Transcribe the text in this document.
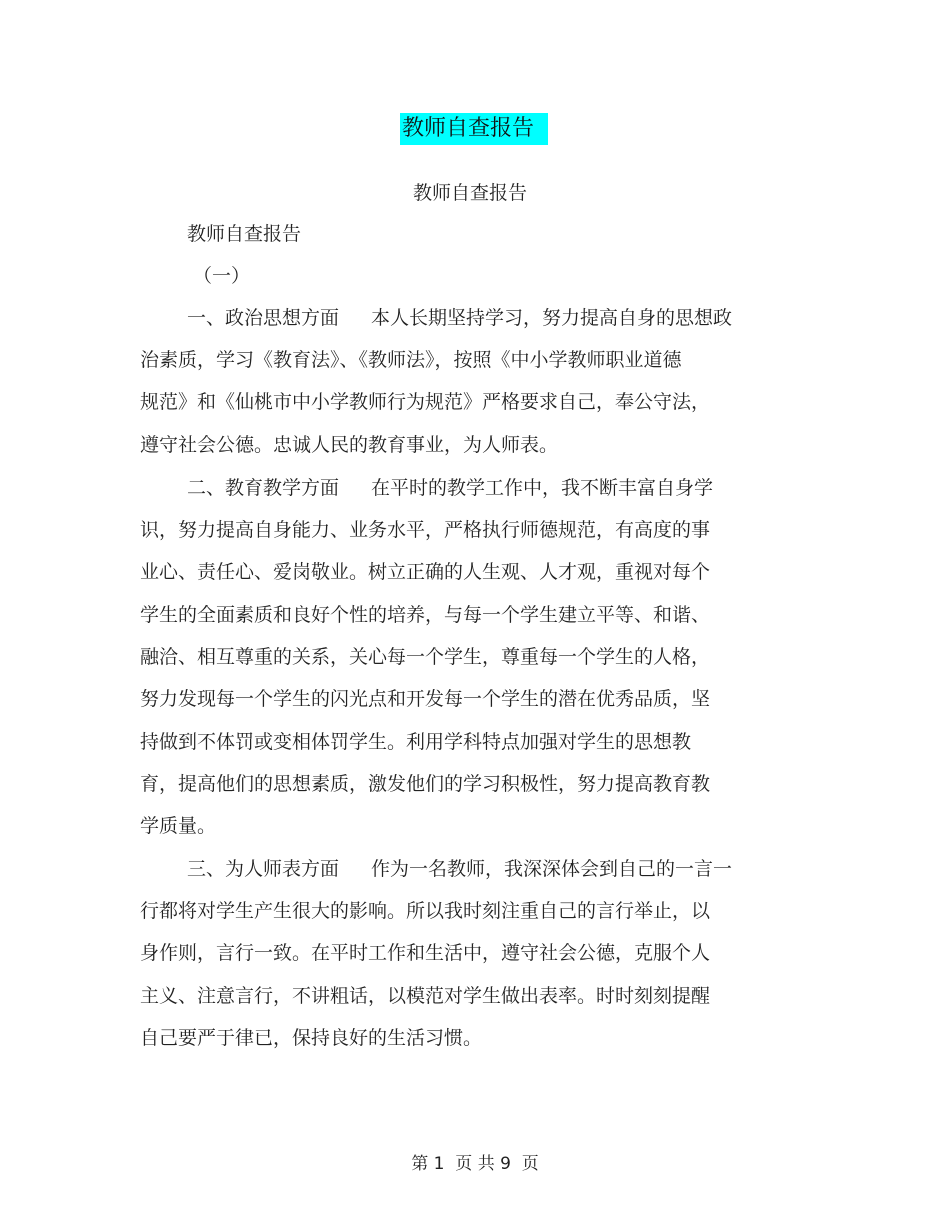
教师自查报告
教师自查报告
教师自查报告
（一）
一、政治思想方面 本人长期坚持学习，努力提高自身的思想政
治素质，学习《教育法》、《教师法》，按照《中小学教师职业道德
规范》和《仙桃市中小学教师行为规范》严格要求自己，奉公守法，
遵守社会公德。忠诚人民的教育事业，为人师表。
二、教育教学方面 在平时的教学工作中，我不断丰富自身学
识，努力提高自身能力、业务水平，严格执行师德规范，有高度的事
业心、责任心、爱岗敬业。树立正确的人生观、人才观，重视对每个
学生的全面素质和良好个性的培养，与每一个学生建立平等、和谐、
融洽、相互尊重的关系，关心每一个学生，尊重每一个学生的人格，
努力发现每一个学生的闪光点和开发每一个学生的潜在优秀品质，坚
持做到不体罚或变相体罚学生。利用学科特点加强对学生的思想教
育，提高他们的思想素质，激发他们的学习积极性，努力提高教育教
学质量。
三、为人师表方面 作为一名教师，我深深体会到自己的一言一
行都将对学生产生很大的影响。所以我时刻注重自己的言行举止，以
身作则，言行一致。在平时工作和生活中，遵守社会公德，克服个人
主义、注意言行，不讲粗话，以模范对学生做出表率。时时刻刻提醒
自己要严于律已，保持良好的生活习惯。
第 1  页 共 9  页
